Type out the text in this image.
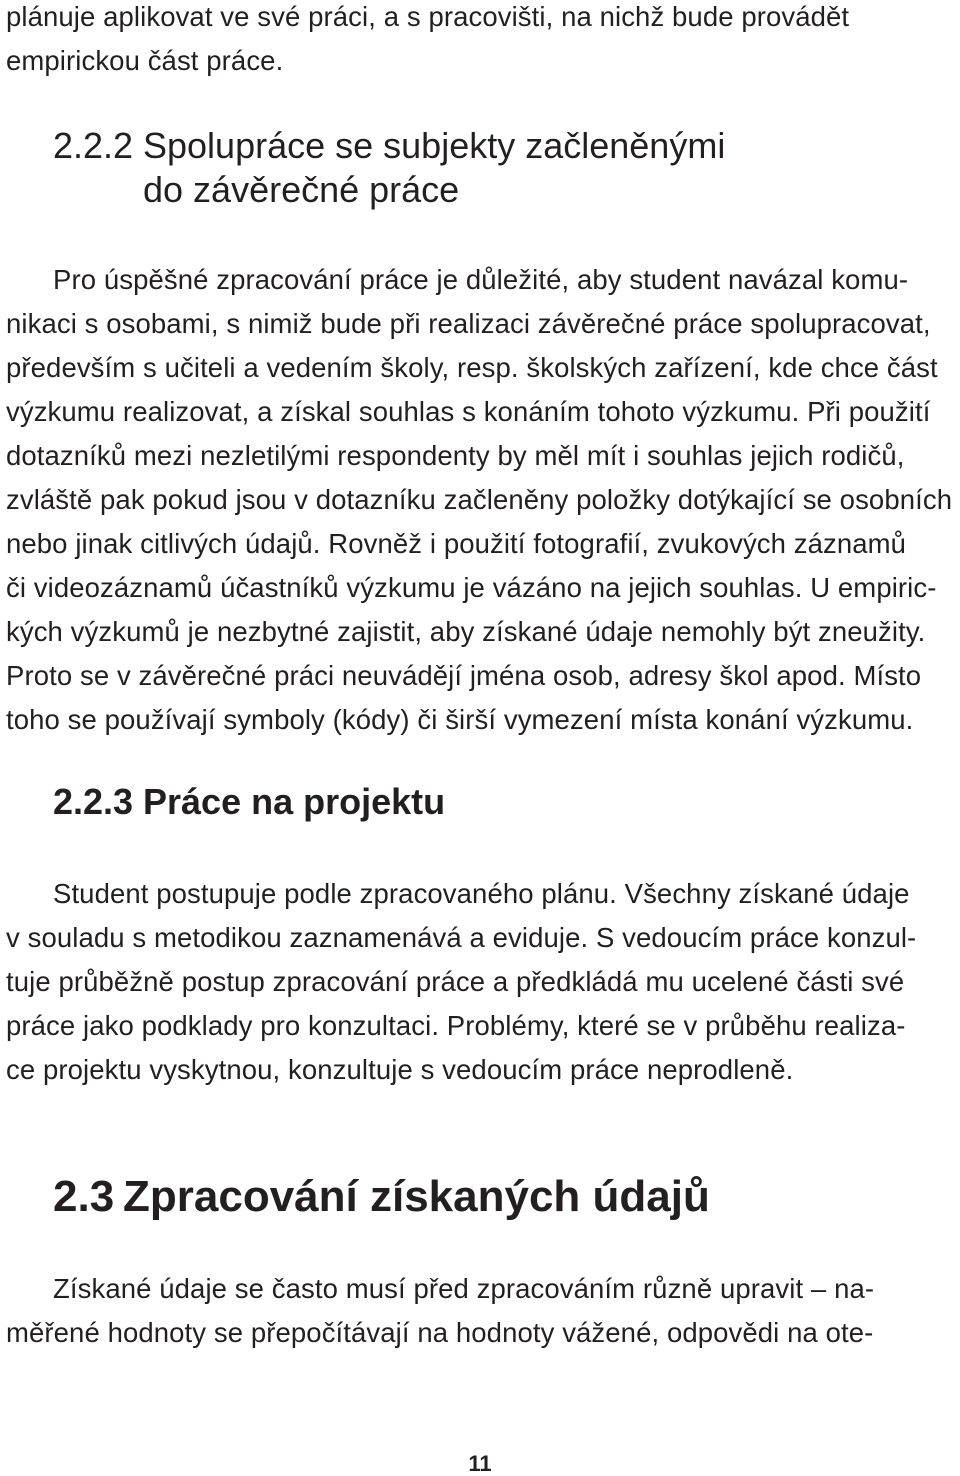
plánuje aplikovat ve své práci, a s pracovišti, na nichž bude provádět
empirickou část práce.
2.2.2 Spolupráce se subjekty začleněnými
do závěrečné práce
Pro úspěšné zpracování práce je důležité, aby student navázal komu-
nikaci s osobami, s nimiž bude při realizaci závěrečné práce spolupracovat,
především s učiteli a vedením školy, resp. školských zařízení, kde chce část
výzkumu realizovat, a získal souhlas s konáním tohoto výzkumu. Při použití
dotazníků mezi nezletilými respondenty by měl mít i souhlas jejich rodičů,
zvláště pak pokud jsou v dotazníku začleněny položky dotýkající se osobních
nebo jinak citlivých údajů. Rovněž i použití fotografií, zvukových záznamů
či videozáznamů účastníků výzkumu je vázáno na jejich souhlas. U empiric-
kých výzkumů je nezbytné zajistit, aby získané údaje nemohly být zneužity.
Proto se v závěrečné práci neuvádějí jména osob, adresy škol apod. Místo
toho se používají symboly (kódy) či širší vymezení místa konání výzkumu.
2.2.3 Práce na projektu
Student postupuje podle zpracovaného plánu. Všechny získané údaje
v souladu s metodikou zaznamenává a eviduje. S vedoucím práce konzul-
tuje průběžně postup zpracování práce a předkládá mu ucelené části své
práce jako podklady pro konzultaci. Problémy, které se v průběhu realiza-
ce projektu vyskytnou, konzultuje s vedoucím práce neprodleně.
2.3 Zpracování získaných údajů
Získané údaje se často musí před zpracováním různě upravit – na-
měřené hodnoty se přepočítávají na hodnoty vážené, odpovědi na ote-
11
